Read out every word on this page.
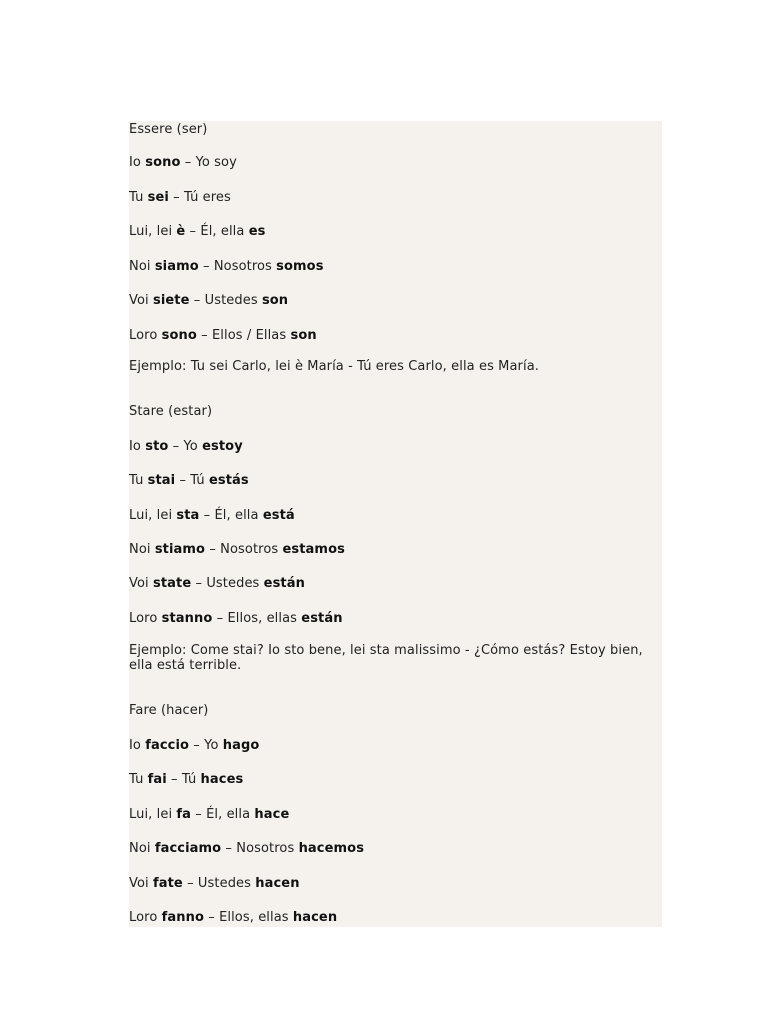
Essere (ser)

Io sono – Yo soy

Tu sei – Tú eres

Lui, lei è – Él, ella es

Noi siamo – Nosotros somos

Voi siete – Ustedes son

Loro sono – Ellos / Ellas son

Ejemplo: Tu sei Carlo, lei è María - Tú eres Carlo, ella es María.

Stare (estar)

Io sto – Yo estoy

Tu stai – Tú estás

Lui, lei sta – Él, ella está

Noi stiamo – Nosotros estamos

Voi state – Ustedes están

Loro stanno – Ellos, ellas están

Ejemplo: Come stai? Io sto bene, lei sta malissimo - ¿Cómo estás? Estoy bien, ella está terrible.

Fare (hacer)

Io faccio – Yo hago

Tu fai – Tú haces

Lui, lei fa – Él, ella hace

Noi facciamo – Nosotros hacemos

Voi fate – Ustedes hacen

Loro fanno – Ellos, ellas hacen
